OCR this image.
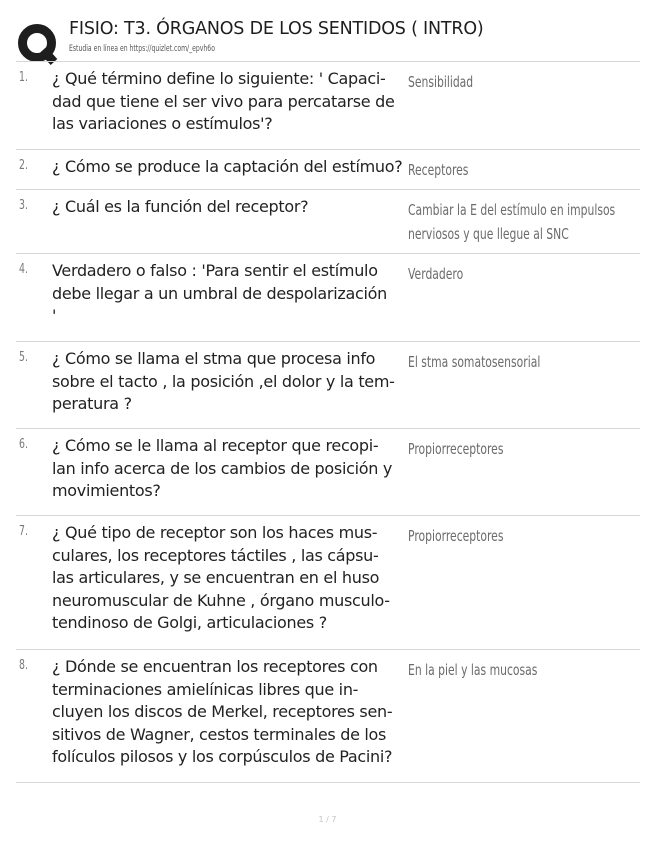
FISIO: T3. ÓRGANOS DE LOS SENTIDOS ( INTRO)
Estudia en línea en https://quizlet.com/_epvh6o
1. ¿ Qué término define lo siguiente: ' Capaci-
dad que tiene el ser vivo para percatarse de
las variaciones o estímulos'?
Sensibilidad
2. ¿ Cómo se produce la captación del estímuo? Receptores
3. ¿ Cuál es la función del receptor?	Cambiar la E del estímulo en impulsos
nerviosos y que llegue al SNC
4. Verdadero o falso : 'Para sentir el estímulo
debe llegar a un umbral de despolarización
'
Verdadero
5. ¿ Cómo se llama el stma que procesa info
sobre el tacto , la posición ,el dolor y la tem-
peratura ?
El stma somatosensorial
6. ¿ Cómo se le llama al receptor que recopi-
lan info acerca de los cambios de posición y
movimientos?
Propiorreceptores
7. ¿ Qué tipo de receptor son los haces mus-
culares, los receptores táctiles , las cápsu-
las articulares, y se encuentran en el huso
neuromuscular de Kuhne , órgano musculo-
tendinoso de Golgi, articulaciones ?
Propiorreceptores
8. ¿ Dónde se encuentran los receptores con
terminaciones amielínicas libres que in-
cluyen los discos de Merkel, receptores sen-
sitivos de Wagner, cestos terminales de los
folículos pilosos y los corpúsculos de Pacini?
En la piel y las mucosas
1 / 7
